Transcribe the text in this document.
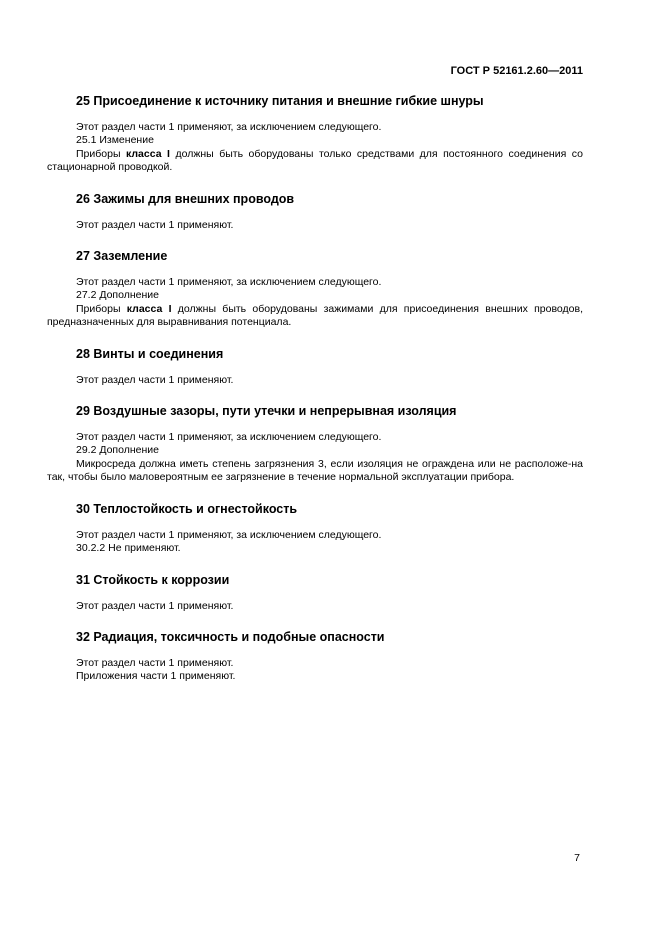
ГОСТ Р 52161.2.60—2011
25 Присоединение к источнику питания и внешние гибкие шнуры
Этот раздел части 1 применяют, за исключением следующего.
25.1 Изменение
Приборы класса I должны быть оборудованы только средствами для постоянного соединения со стационарной проводкой.
26 Зажимы для внешних проводов
Этот раздел части 1 применяют.
27 Заземление
Этот раздел части 1 применяют, за исключением следующего.
27.2 Дополнение
Приборы класса I должны быть оборудованы зажимами для присоединения внешних проводов, предназначенных для выравнивания потенциала.
28 Винты и соединения
Этот раздел части 1 применяют.
29 Воздушные зазоры, пути утечки и непрерывная изоляция
Этот раздел части 1 применяют, за исключением следующего.
29.2 Дополнение
Микросреда должна иметь степень загрязнения 3, если изоляция не ограждена или не расположе-на так, чтобы было маловероятным ее загрязнение в течение нормальной эксплуатации прибора.
30 Теплостойкость и огнестойкость
Этот раздел части 1 применяют, за исключением следующего.
30.2.2 Не применяют.
31 Стойкость к коррозии
Этот раздел части 1 применяют.
32 Радиация, токсичность и подобные опасности
Этот раздел части 1 применяют.
Приложения части 1 применяют.
7
